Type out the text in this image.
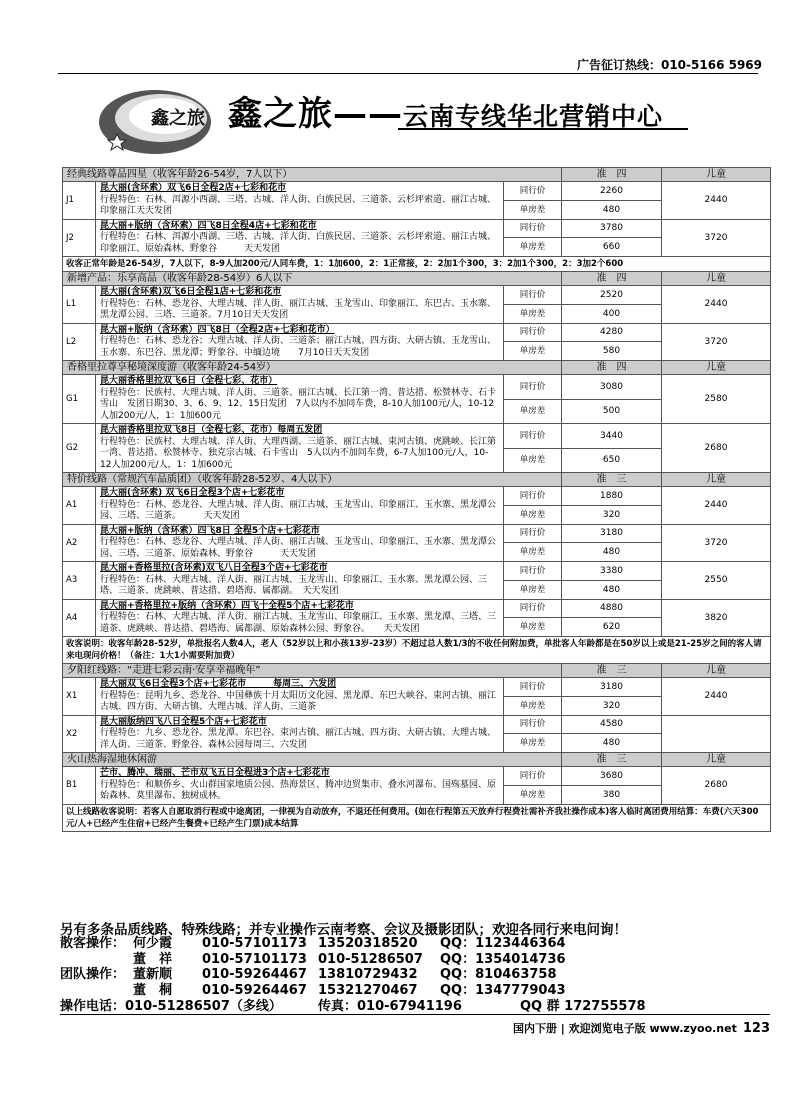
广告征订热线：010-5166 5969
鑫之旅 鑫之旅——云南专线华北营销中心
经典线路尊品四星（收客年龄26-54岁，7人以下）			准　四	儿童
J1	昆大丽(含环索）双飞6日全程2店+七彩和花市
行程特色：石林、洱源小西湖、三塔、古城、洋人街、白族民居、三道茶、云杉坪索道、丽江古城、印象丽江天天发团	同行价	2260	2440
		单房差	480	
J2	昆大丽+版纳（含环索）四飞8日全程4店+七彩和花市
行程特色：石林、洱源小西湖、三塔、古城、洋人街、白族民居、三道茶、云杉坪索道、丽江古城、印象丽江、原始森林、野象谷　　　天天发团	同行价	3780	3720
		单房差	660	
收客正常年龄是26-54岁，7人以下，8-9人加200元/人同车费，1：1加600，2：1正常接，2：2加1个300，3：2加1个300，2：3加2个600				
新增产品：乐享高品（收客年龄28-54岁）6人以下			准　四	儿童
L1	昆大丽(含环索)双飞6日全程1店+七彩和花市
行程特色：石林、恐龙谷、大理古城、洋人街、丽江古城、玉龙雪山、印象丽江、东巴古、玉水寨、黑龙潭公园、三塔、三道茶。7月10日天天发团	同行价	2520	2440
		单房差	400	
L2	昆大丽+版纳（含环索）四飞8日（全程2店+七彩和花市）
行程特色：石林、恐龙谷；大理古城、洋人街、三道茶；丽江古城、四方街、大研古镇、玉龙雪山、玉水寨、东巴谷、黑龙潭；野象谷、中缅边境　　7月10日天天发团	同行价	4280	3720
		单房差	580	
香格里拉尊享秘境深度游（收客年龄24-54岁）			准　四	儿童
G1	昆大丽香格里拉双飞6日（全程七彩、花市）
行程特色：民族村、大理古城、洋人街、三道茶、丽江古城、长江第一湾、普达措、松赞林寺、石卡雪山　发团日期30、3、6、9、12、15日发团　7人以内不加同车费，8-10人加100元/人，10-12人加200元/人，1：1加600元	同行价	3080	2580
		单房差	500	
G2	昆大丽香格里拉双飞8日（全程七彩、花市）每周五发团
行程特色：民族村、大理古城、洋人街、大理西湖、三道茶、丽江古城、束河古镇、虎跳峡、长江第一湾、普达措、松赞林寺、独克宗古城、石卡雪山　5人以内不加同车费，6-7人加100元/人，10-12人加200元/人，1：1加600元	同行价	3440	2680
		单房差	650	
特价线路（常规汽车品质团）（收客年龄28-52岁、4人以下）			准　三	儿童
A1	昆大丽(含环索) 双飞6日全程3个店+七彩花市
行程特色：石林、恐龙谷、大理古城、洋人街、丽江古城、玉龙雪山、印象丽江、玉水寨、黑龙潭公园、三塔、三道茶。　　　天天发团	同行价	1880	2440
		单房差	320	
A2	昆大丽+版纳（含环索）四飞8日 全程5个店+七彩花市
行程特色：石林、恐龙谷、大理古城、洋人街、丽江古城、玉龙雪山、印象丽江、玉水寨、黑龙潭公园、三塔、三道茶、原始森林、野象谷　　　天天发团	同行价	3180	3720
		单房差	480	
A3	昆大丽+香格里拉(含环索)双飞八日全程3个店+七彩花市
行程特色：石林、大理古城、洋人街、丽江古城、玉龙雪山、印象丽江、玉水寨、黑龙潭公园、三塔、三道茶、虎跳峡、普达措、碧塔海、属都湖。　天天发团	同行价	3380	2550
		单房差	480	
A4	昆大丽+香格里拉+版纳（含环索）四飞十全程5个店+七彩花市
行程特色：石林、大理古城、洋人街、丽江古城、玉龙雪山、印象丽江、玉水寨、黑龙潭、三塔、三道茶、虎跳峡、普达措、碧塔海、属都湖、原始森林公园、野象谷。　　天天发团	同行价	4880	3820
		单房差	620	
收客说明：收客年龄28-52岁，单批报名人数4人，老人（52岁以上和小孩13岁-23岁）不超过总人数1/3的不收任何附加费，单批客人年龄都是在50岁以上或是21-25岁之间的客人请来电现问价格！（备注：1大1小需要附加费）				
夕阳红线路：“走进七彩云南·安享幸福晚年”			准　三	儿童
X1	昆大丽双飞6日全程3个店+七彩花市　　　每周三、六发团
行程特色：昆明九乡、恐龙谷、中国彝族十月太阳历文化园、黑龙潭、东巴大峡谷、束河古镇、丽江古城、四方街、大研古镇、大理古城、洋人街、三道茶	同行价	3180	2440
		单房差	320	
X2	昆大丽版纳四飞八日全程5个店+七彩花市
行程特色：九乡、恐龙谷、黑龙潭、东巴谷、束河古镇、丽江古城、四方街、大研古镇、大理古城、洋人街、三道茶、野象谷、森林公园每周三、六发团	同行价	4580	
		单房差	480	
火山热海湿地休闲游			准　三	儿童
B1	芒市、腾冲、瑞丽、芒市双飞五日全程进3个店+七彩花市
行程特色：和顺侨乡、火山群国家地质公园、热海景区、腾冲边贸集市、叠水河瀑布、国殇墓园、原始森林、莫里瀑布、独树成林。	同行价	3680	2680
		单房差	380	
以上线路收客说明：若客人自愿取消行程或中途离团，一律视为自动放弃，不退还任何费用。(如在行程第五天放弃行程费社需补齐我社操作成本)客人临时离团费用结算：车费(六天300元/人+已经产生住宿+已经产生餐费+已经产生门票)成本结算				
另有多条品质线路、特殊线路；并专业操作云南考察、会议及摄影团队；欢迎各同行来电问询！
散客操作： 何少霞 010-57101173 13520318520 QQ：1123446364
董　祥 010-57101173 010-51286507 QQ：1354014736
团队操作： 董新顺 010-59264467 13810729432 QQ：810463758
董　桐 010-59264467 15321270467 QQ：1347779043
操作电话：010-51286507（多线）	传真：010-67941196	QQ 群 172755578
国内下册 | 欢迎浏览电子版 www.zyoo.net 123
